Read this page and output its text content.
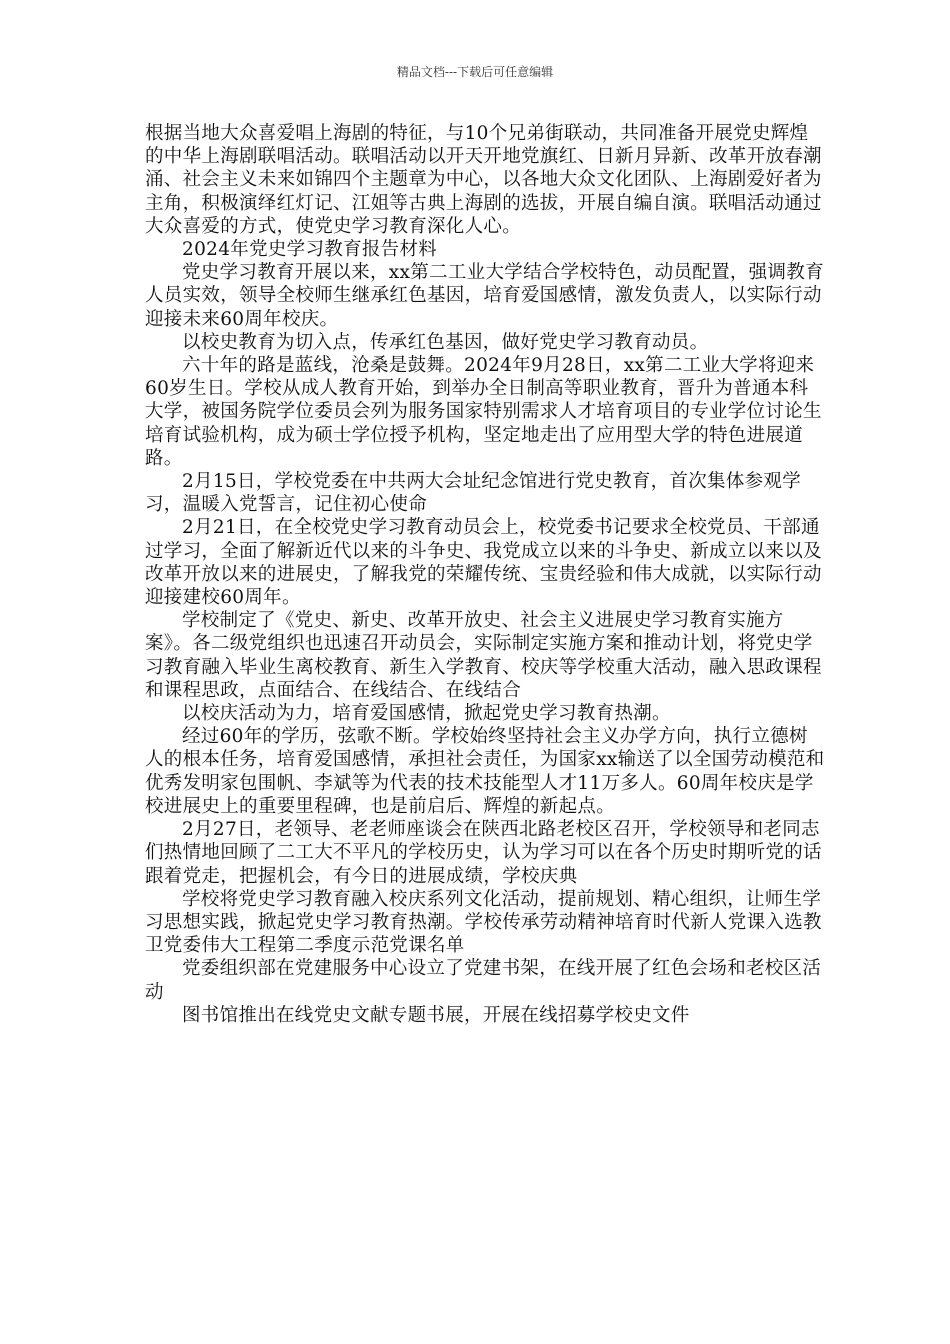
精品文档---下载后可任意编辑

根据当地大众喜爱唱上海剧的特征，与10个兄弟街联动，共同准备开展党史辉煌的中华上海剧联唱活动。联唱活动以开天开地党旗红、日新月异新、改革开放春潮涌、社会主义未来如锦四个主题章为中心，以各地大众文化团队、上海剧爱好者为主角，积极演绎红灯记、江姐等古典上海剧的选拔，开展自编自演。联唱活动通过大众喜爱的方式，使党史学习教育深化人心。

2024年党史学习教育报告材料

党史学习教育开展以来，xx第二工业大学结合学校特色，动员配置，强调教育人员实效，领导全校师生继承红色基因，培育爱国感情，激发负责人，以实际行动迎接未来60周年校庆。

以校史教育为切入点，传承红色基因，做好党史学习教育动员。

六十年的路是蓝线，沧桑是鼓舞。2024年9月28日，xx第二工业大学将迎来60岁生日。学校从成人教育开始，到举办全日制高等职业教育，晋升为普通本科大学，被国务院学位委员会列为服务国家特别需求人才培育项目的专业学位讨论生培育试验机构，成为硕士学位授予机构，坚定地走出了应用型大学的特色进展道路。

2月15日，学校党委在中共两大会址纪念馆进行党史教育，首次集体参观学习，温暖入党誓言，记住初心使命

2月21日，在全校党史学习教育动员会上，校党委书记要求全校党员、干部通过学习，全面了解新近代以来的斗争史、我党成立以来的斗争史、新成立以来以及改革开放以来的进展史，了解我党的荣耀传统、宝贵经验和伟大成就，以实际行动迎接建校60周年。

学校制定了《党史、新史、改革开放史、社会主义进展史学习教育实施方案》。各二级党组织也迅速召开动员会，实际制定实施方案和推动计划，将党史学习教育融入毕业生离校教育、新生入学教育、校庆等学校重大活动，融入思政课程和课程思政，点面结合、在线结合、在线结合

以校庆活动为力，培育爱国感情，掀起党史学习教育热潮。

经过60年的学历，弦歌不断。学校始终坚持社会主义办学方向，执行立德树人的根本任务，培育爱国感情，承担社会责任，为国家xx输送了以全国劳动模范和优秀发明家包围帆、李斌等为代表的技术技能型人才11万多人。60周年校庆是学校进展史上的重要里程碑，也是前启后、辉煌的新起点。

2月27日，老领导、老老师座谈会在陕西北路老校区召开，学校领导和老同志们热情地回顾了二工大不平凡的学校历史，认为学习可以在各个历史时期听党的话跟着党走，把握机会，有今日的进展成绩，学校庆典

学校将党史学习教育融入校庆系列文化活动，提前规划、精心组织，让师生学习思想实践，掀起党史学习教育热潮。学校传承劳动精神培育时代新人党课入选教卫党委伟大工程第二季度示范党课名单

党委组织部在党建服务中心设立了党建书架，在线开展了红色会场和老校区活动

图书馆推出在线党史文献专题书展，开展在线招募学校史文件
